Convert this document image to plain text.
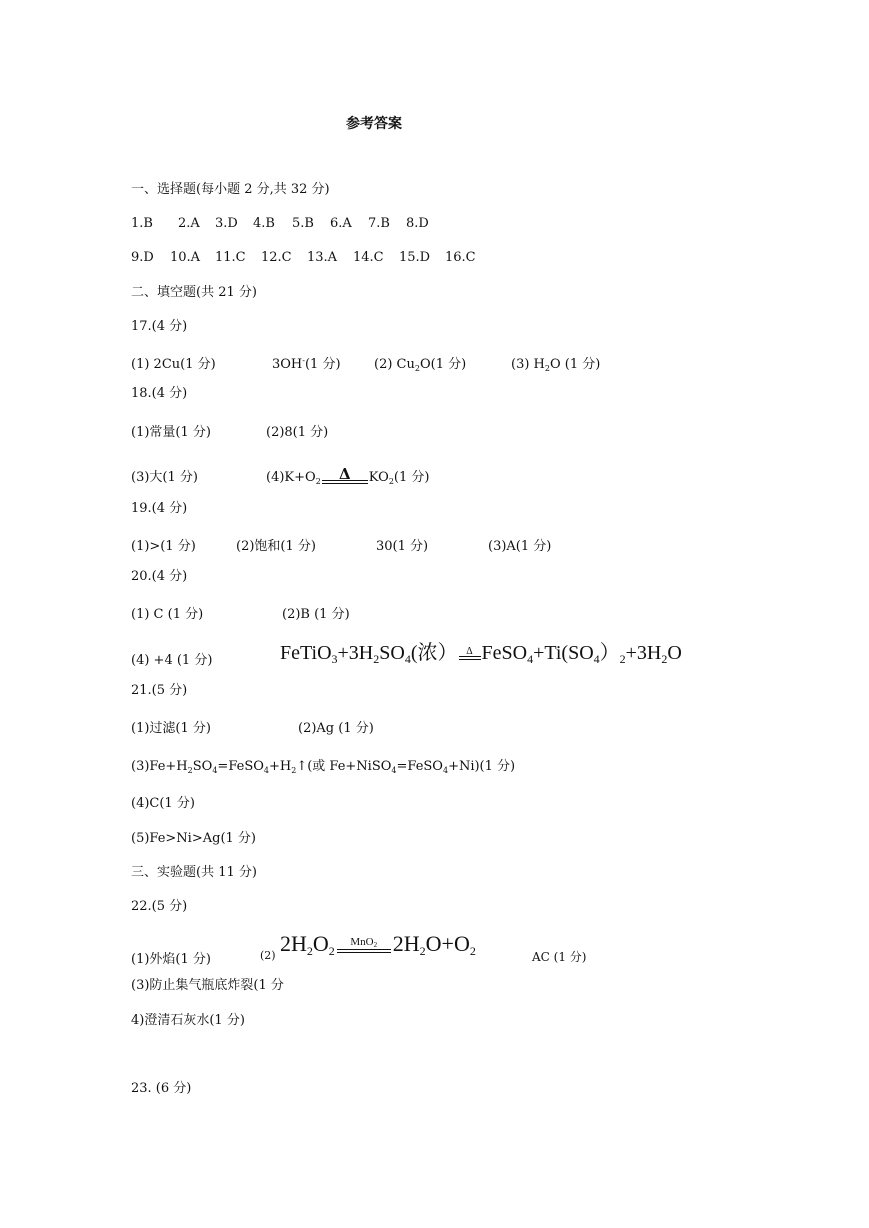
参考答案
一、选择题(每小题 2 分,共 32 分)
1.B 2.A 3.D 4.B 5.B 6.A 7.B 8.D
9.D 10.A 11.C 12.C 13.A 14.C 15.D 16.C
二、填空题(共 21 分)
17.(4 分)
(1) 2Cu(1 分)	3OH-(1 分)	(2) $Cu_2O(1$ 分)	(3) $H_2O$ (1 分)
18.(4 分)
(1)常量(1 分)	(2)8(1 分)
(3)大(1 分)	$(4)K+O_2$	Δ	$KO_2(1$ 分)
19.(4 分)
(1)>(1 分)	(2)饱和(1 分)	30(1 分)	(3)A(1 分)
20.(4 分)
(1) C (1 分)	(2)B (1 分)
(4) +4 (1 分)	$FeTiO_3+3H_2SO_4$(浓） Δ $FeSO_4+Ti(SO_4)_2+3H_2O$
21.(5 分)
(1)过滤(1 分)	(2)Ag (1 分)
$(3)Fe+H_2SO_4=FeSO_4+H_2↑$(或 Fe+NiSO$_4$=FeSO$_4$+Ni)(1 分)
(4)C(1 分)
(5)Fe>Ni>Ag(1 分)
三、实验题(共 11 分)
22.(5 分)
(1)外焰(1 分)	(2) $2H_2O_2$
MnO$_2$ $2H_2O+O_2$	AC (1 分)
(3)防止集气瓶底炸裂(1 分
4)澄清石灰水(1 分)
23. (6 分)
